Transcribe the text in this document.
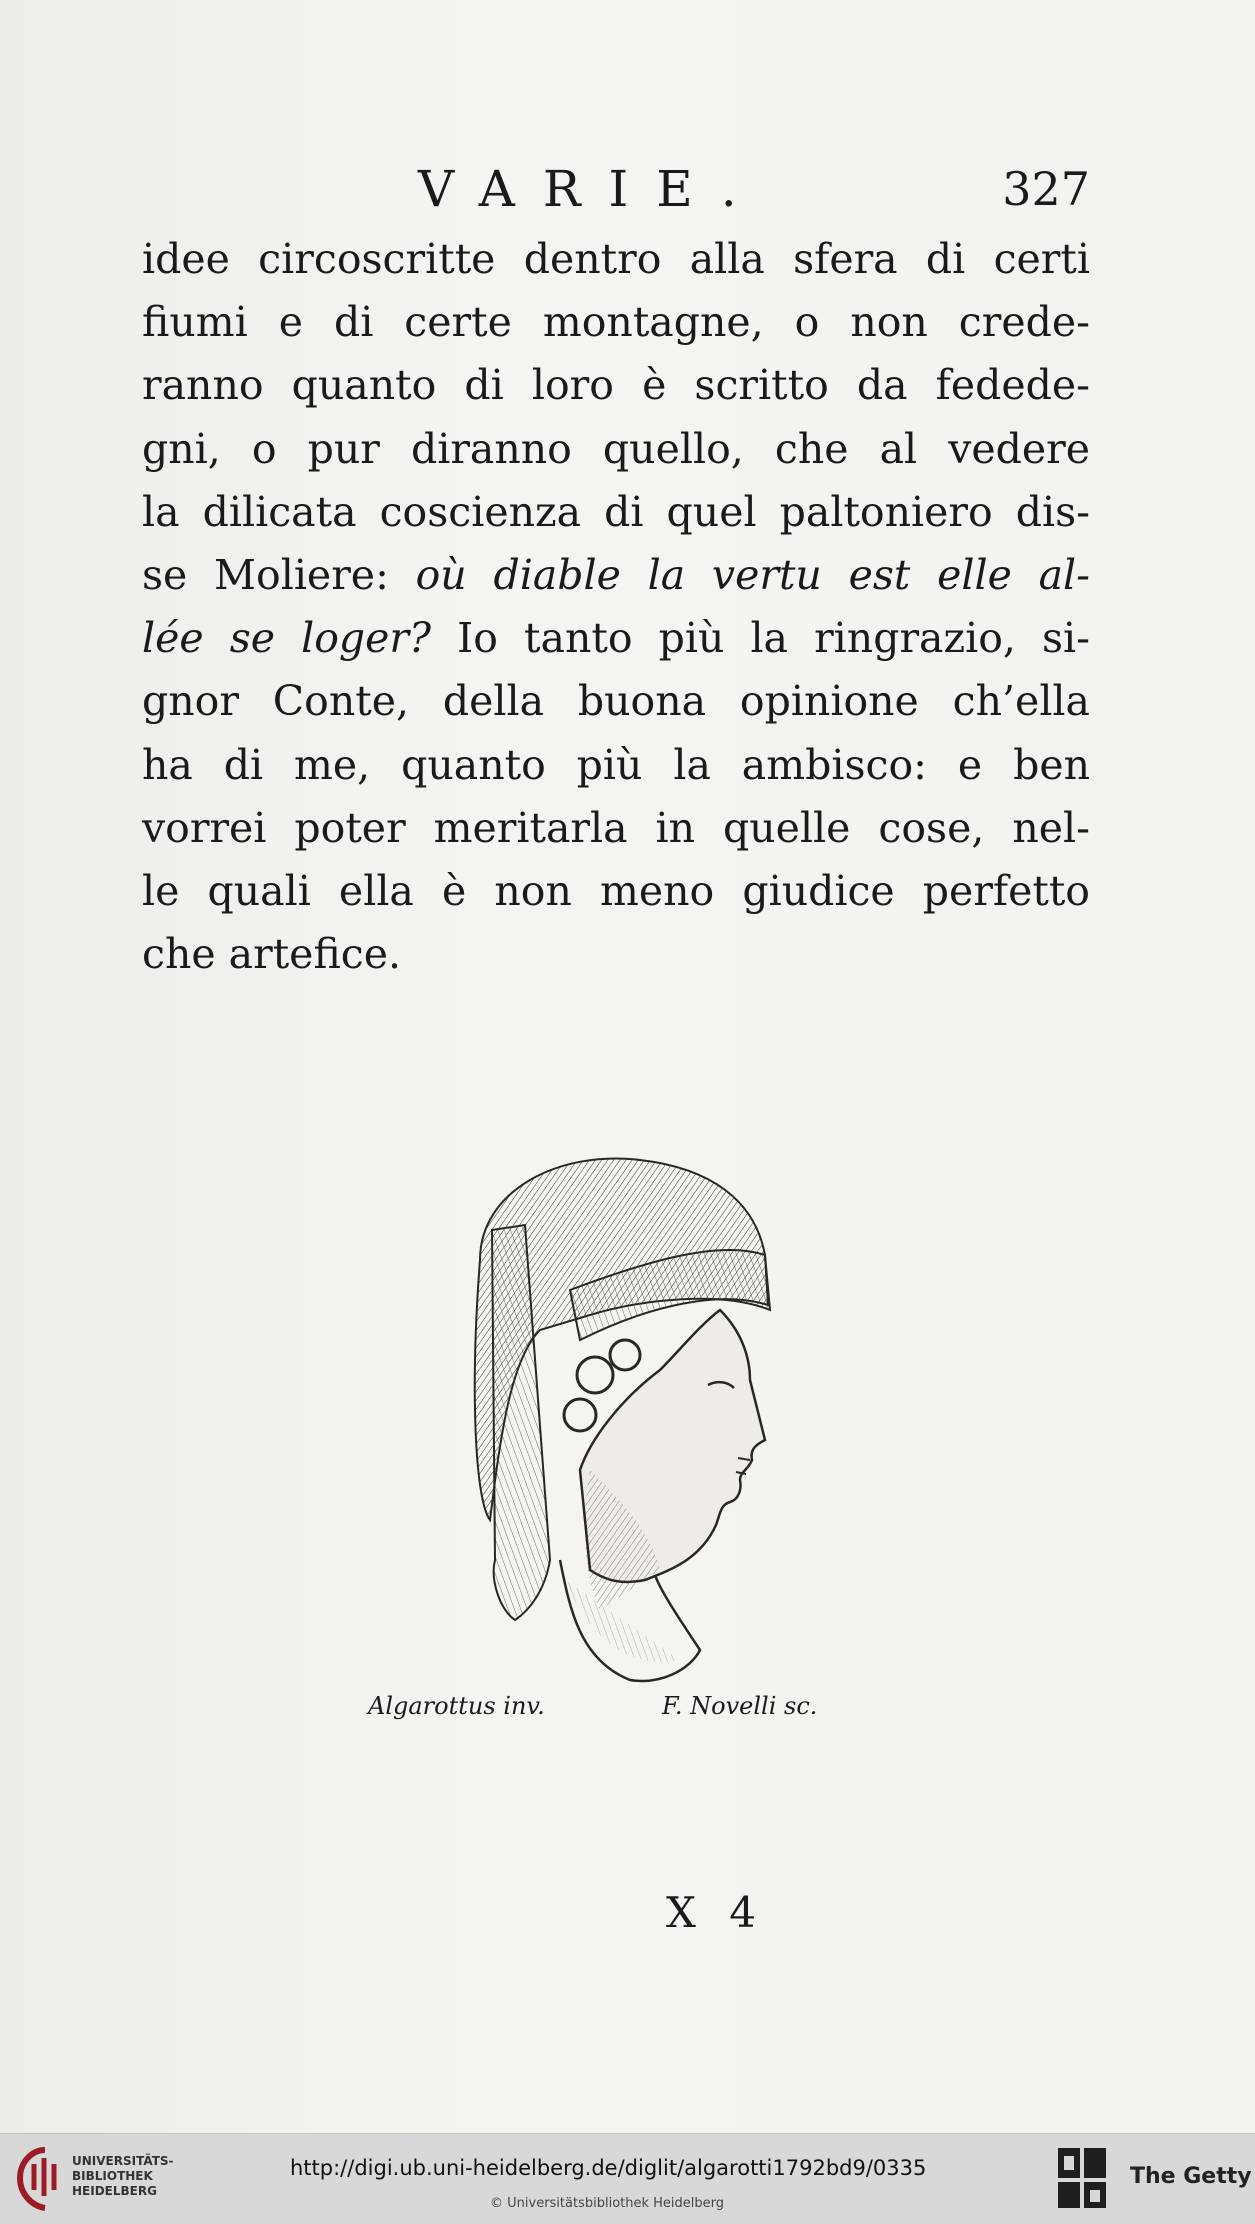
VARIE.	327
idee circoscritte dentro alla sfera di certi
fiumi e di certe montagne, o non crede-
ranno quanto di loro è scritto da fedede-
gni, o pur diranno quello, che al vedere
la dilicata coscienza di quel paltoniero dis-
se Moliere: où diable la vertu est elle al-
lée se loger? Io tanto più la ringrazio, si-
gnor Conte, della buona opinione ch’ella
ha di me, quanto più la ambisco: e ben
vorrei poter meritarla in quelle cose, nel-
le quali ella è non meno giudice perfetto
che artefice.
Algarottus inv.	F. Novelli sc.
X 4
UNIVERSITÄTS-
BIBLIOTHEK
HEIDELBERG
http://digi.ub.uni-heidelberg.de/diglit/algarotti1792bd9/0335
© Universitätsbibliothek Heidelberg
The Getty
